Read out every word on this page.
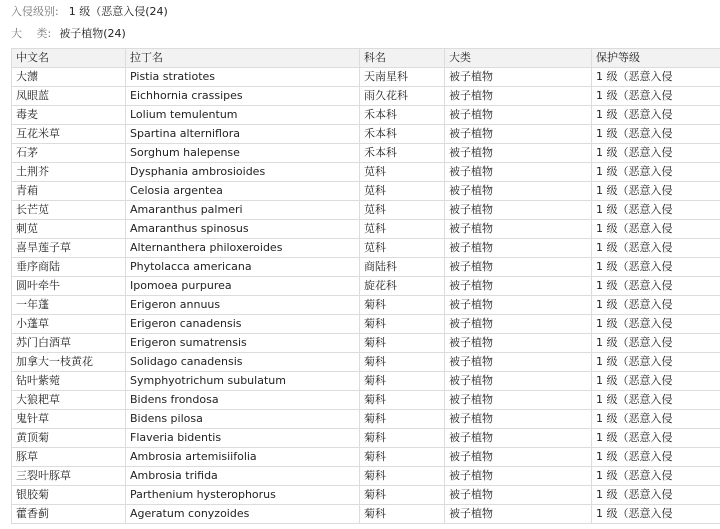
入侵级别: 1 级（恶意入侵(24)
大　 类: 被子植物(24)
中文名	拉丁名	科名	大类	保护等级
大薸	Pistia stratiotes	天南星科	被子植物	1 级（恶意入侵
凤眼蓝	Eichhornia crassipes	雨久花科	被子植物	1 级（恶意入侵
毒麦	Lolium temulentum	禾本科	被子植物	1 级（恶意入侵
互花米草	Spartina alterniflora	禾本科	被子植物	1 级（恶意入侵
石茅	Sorghum halepense	禾本科	被子植物	1 级（恶意入侵
土荆芥	Dysphania ambrosioides	苋科	被子植物	1 级（恶意入侵
青葙	Celosia argentea	苋科	被子植物	1 级（恶意入侵
长芒苋	Amaranthus palmeri	苋科	被子植物	1 级（恶意入侵
刺苋	Amaranthus spinosus	苋科	被子植物	1 级（恶意入侵
喜旱莲子草	Alternanthera philoxeroides	苋科	被子植物	1 级（恶意入侵
垂序商陆	Phytolacca americana	商陆科	被子植物	1 级（恶意入侵
圆叶牵牛	Ipomoea purpurea	旋花科	被子植物	1 级（恶意入侵
一年蓬	Erigeron annuus	菊科	被子植物	1 级（恶意入侵
小蓬草	Erigeron canadensis	菊科	被子植物	1 级（恶意入侵
苏门白酒草	Erigeron sumatrensis	菊科	被子植物	1 级（恶意入侵
加拿大一枝黄花	Solidago canadensis	菊科	被子植物	1 级（恶意入侵
钻叶紫菀	Symphyotrichum subulatum	菊科	被子植物	1 级（恶意入侵
大狼耙草	Bidens frondosa	菊科	被子植物	1 级（恶意入侵
鬼针草	Bidens pilosa	菊科	被子植物	1 级（恶意入侵
黄顶菊	Flaveria bidentis	菊科	被子植物	1 级（恶意入侵
豚草	Ambrosia artemisiifolia	菊科	被子植物	1 级（恶意入侵
三裂叶豚草	Ambrosia trifida	菊科	被子植物	1 级（恶意入侵
银胶菊	Parthenium hysterophorus	菊科	被子植物	1 级（恶意入侵
藿香蓟	Ageratum conyzoides	菊科	被子植物	1 级（恶意入侵
